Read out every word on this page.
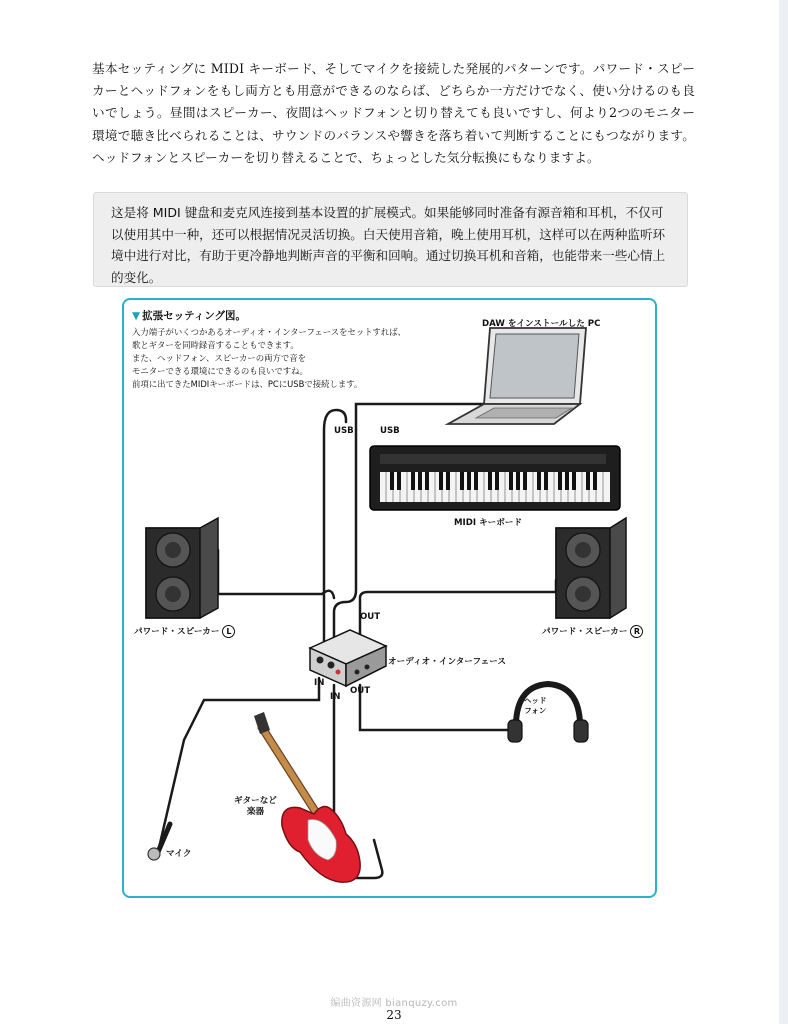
基本セッティングに MIDI キーボード、そしてマイクを接続した発展的パターンです。パワード・スピーカーとヘッドフォンをもし両方とも用意ができるのならば、どちらか一方だけでなく、使い分けるのも良いでしょう。昼間はスピーカー、夜間はヘッドフォンと切り替えても良いですし、何より2つのモニター環境で聴き比べられることは、サウンドのバランスや響きを落ち着いて判断することにもつながります。ヘッドフォンとスピーカーを切り替えることで、ちょっとした気分転換にもなりますよ。

这是将 MIDI 键盘和麦克风连接到基本设置的扩展模式。如果能够同时准备有源音箱和耳机，不仅可以使用其中一种，还可以根据情况灵活切换。白天使用音箱，晚上使用耳机，这样可以在两种监听环境中进行对比，有助于更冷静地判断声音的平衡和回响。通过切换耳机和音箱，也能带来一些心情上的变化。

▼ 拡張セッティング図。
入力端子がいくつかあるオーディオ・インターフェースをセットすれば、
歌とギターを同時録音することもできます。
また、ヘッドフォン、スピーカーの両方で音を
モニターできる環境にできるのも良いですね。
前項に出てきたMIDIキーボードは、PCにUSBで接続します。

DAW をインストールした PC

USB	USB

MIDI キーボード

パワード・スピーカー L	パワード・スピーカー R

OUT

オーディオ・インターフェース

IN

IN

OUT

ヘッド
フォン

ギターなど
楽器

マイク

编曲资源网 bianquzy.com

23
